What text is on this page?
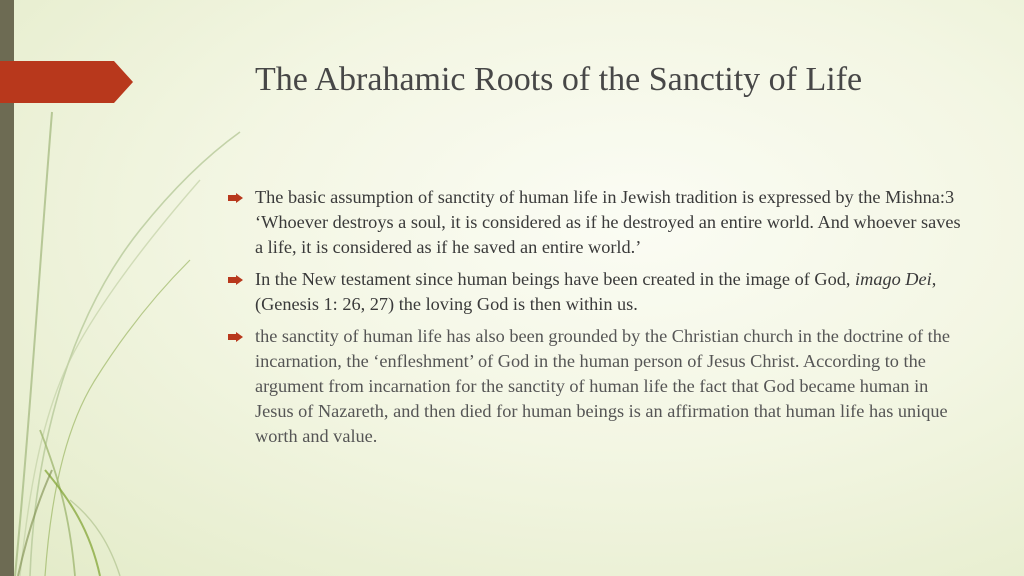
The Abrahamic Roots of the Sanctity of Life
The basic assumption of sanctity of human life in Jewish tradition is expressed by the Mishna:3 ‘Whoever destroys a soul, it is considered as if he destroyed an entire world. And whoever saves a life, it is considered as if he saved an entire world.’
In the New testament since human beings have been created in the image of God, imago Dei, (Genesis 1: 26, 27) the loving God is then within us.
the sanctity of human life has also been grounded by the Christian church in the doctrine of the incarnation, the ‘enfleshment’ of God in the human person of Jesus Christ. According to the argument from incarnation for the sanctity of human life the fact that God became human in Jesus of Nazareth, and then died for human beings is an affirmation that human life has unique worth and value.
